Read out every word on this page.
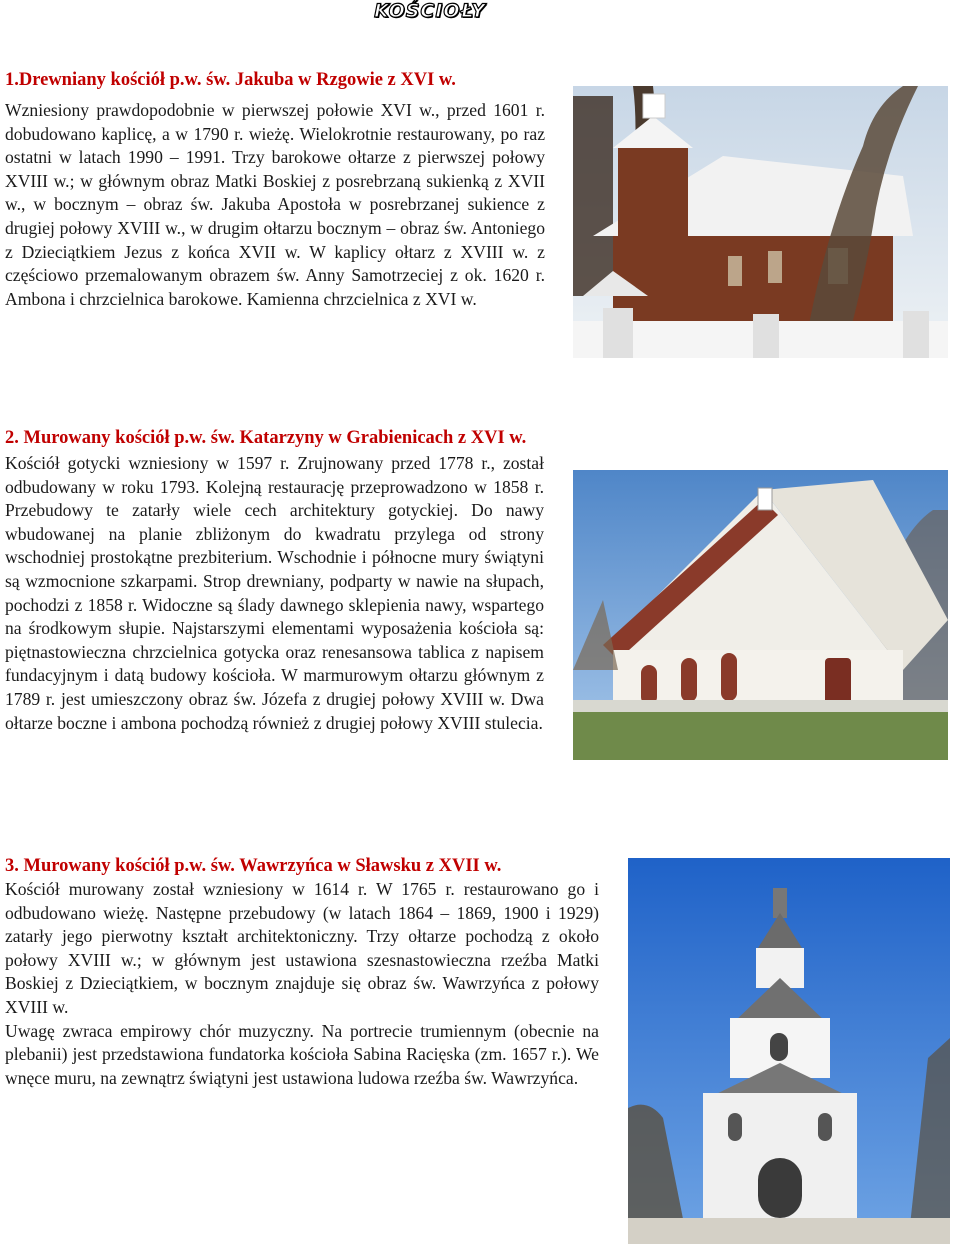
KOŚCIOŁY
1.Drewniany kościół p.w. św. Jakuba w Rzgowie z XVI w.

Wzniesiony prawdopodobnie w pierwszej połowie XVI w., przed 1601 r. dobudowano kaplicę, a w 1790 r. wieżę. Wielokrotnie restaurowany, po raz ostatni w latach 1990 – 1991. Trzy barokowe ołtarze z pierwszej połowy XVIII w.; w głównym obraz Matki Boskiej z posrebrzaną sukienką z XVII w., w bocznym – obraz św. Jakuba Apostoła w posrebrzanej sukience z drugiej połowy XVIII w., w drugim ołtarzu bocznym – obraz św. Antoniego z Dzieciątkiem Jezus z końca XVII w. W kaplicy ołtarz z XVIII w. z częściowo przemalowanym obrazem św. Anny Samotrzeciej z ok. 1620 r. Ambona i chrzcielnica barokowe. Kamienna chrzcielnica z XVI w.

2. Murowany kościół p.w. św. Katarzyny w Grabienicach z XVI w.

Kościół gotycki wzniesiony w 1597 r. Zrujnowany przed 1778 r., został odbudowany w roku 1793. Kolejną restaurację przeprowadzono w 1858 r. Przebudowy te zatarły wiele cech architektury gotyckiej. Do nawy wbudowanej na planie zbliżonym do kwadratu przylega od strony wschodniej prostokątne prezbiterium. Wschodnie i północne mury świątyni są wzmocnione szkarpami. Strop drewniany, podparty w nawie na słupach, pochodzi z 1858 r. Widoczne są ślady dawnego sklepienia nawy, wspartego na środkowym słupie. Najstarszymi elementami wyposażenia kościoła są: piętnastowieczna chrzcielnica gotycka oraz renesansowa tablica z napisem fundacyjnym i datą budowy kościoła. W marmurowym ołtarzu głównym z 1789 r. jest umieszczony obraz św. Józefa z drugiej połowy XVIII w. Dwa ołtarze boczne i ambona pochodzą również z drugiej połowy XVIII stulecia.

3. Murowany kościół p.w. św. Wawrzyńca w Sławsku z XVII w.

Kościół murowany został wzniesiony w 1614 r. W 1765 r. restaurowano go i odbudowano wieżę. Następne przebudowy (w latach 1864 – 1869, 1900 i 1929) zatarły jego pierwotny kształt architektoniczny. Trzy ołtarze pochodzą z około połowy XVIII w.; w głównym jest ustawiona szesnastowieczna rzeźba Matki Boskiej z Dzieciątkiem, w bocznym znajduje się obraz św. Wawrzyńca z połowy XVIII w.

Uwagę zwraca empirowy chór muzyczny. Na portrecie trumiennym (obecnie na plebanii) jest przedstawiona fundatorka kościoła Sabina Racięska (zm. 1657 r.). We wnęce muru, na zewnątrz świątyni jest ustawiona ludowa rzeźba św. Wawrzyńca.
